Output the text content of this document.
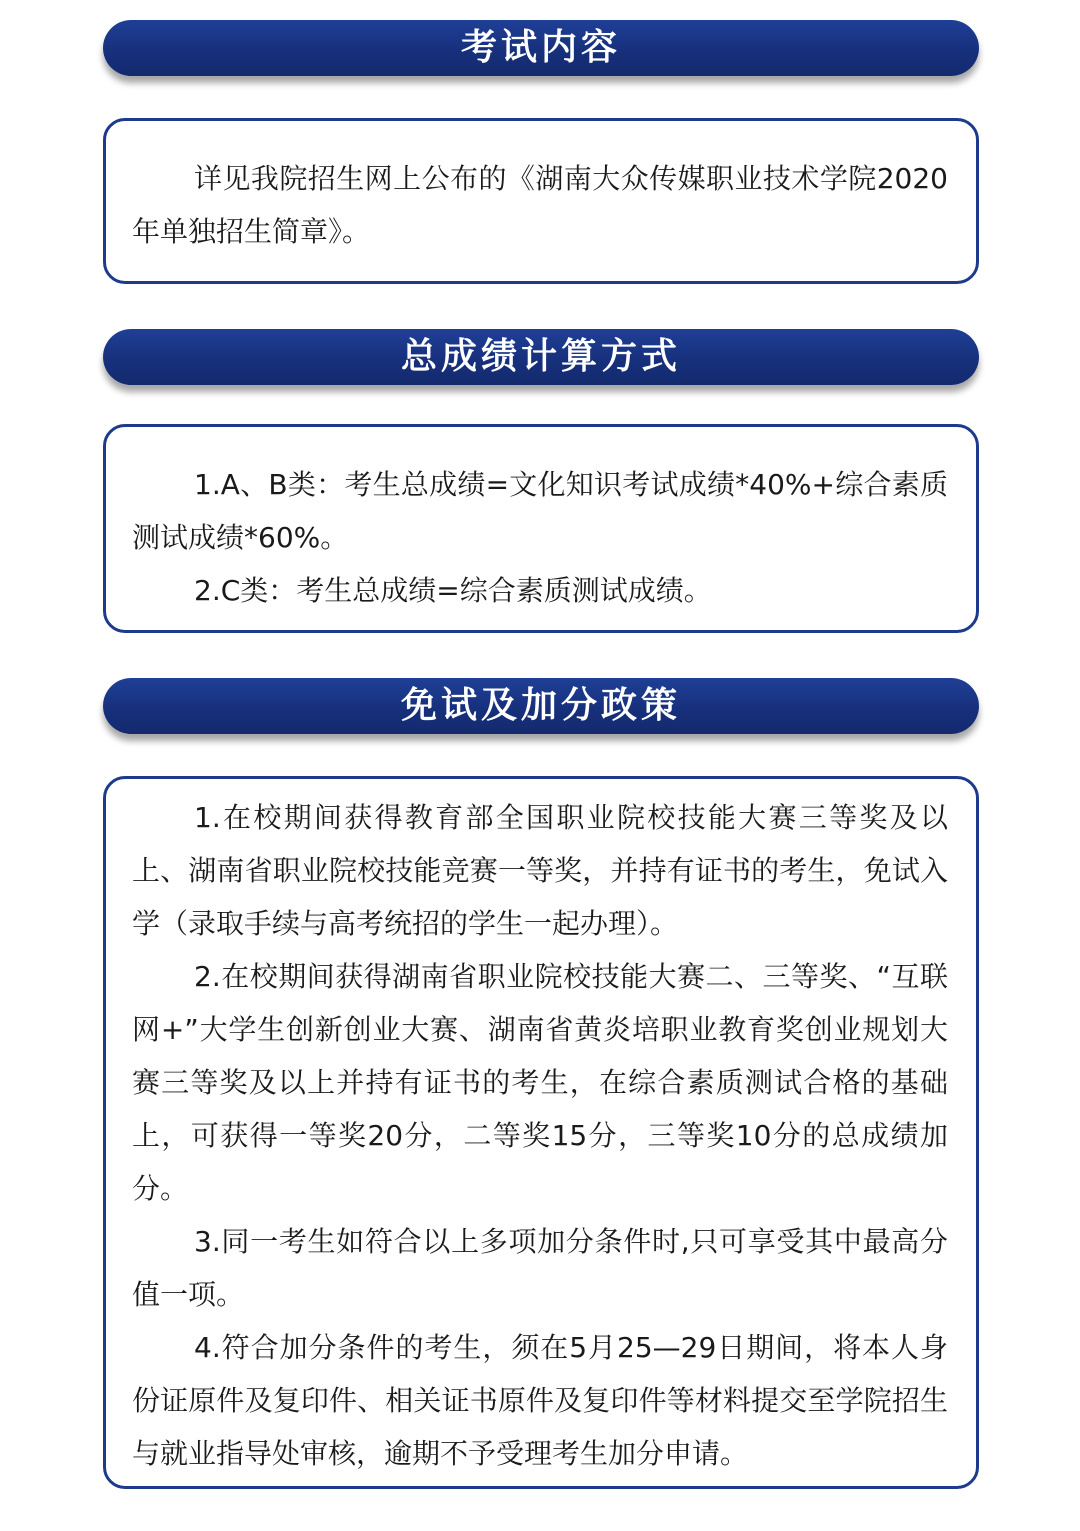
考试内容

详见我院招生网上公布的《湖南大众传媒职业技术学院2020年单独招生简章》。

总成绩计算方式

1.A、B类：考生总成绩=文化知识考试成绩*40%+综合素质测试成绩*60%。

2.C类：考生总成绩=综合素质测试成绩。

免试及加分政策

1.在校期间获得教育部全国职业院校技能大赛三等奖及以上、湖南省职业院校技能竞赛一等奖，并持有证书的考生，免试入学（录取手续与高考统招的学生一起办理）。

2.在校期间获得湖南省职业院校技能大赛二、三等奖、“互联网+”大学生创新创业大赛、湖南省黄炎培职业教育奖创业规划大赛三等奖及以上并持有证书的考生，在综合素质测试合格的基础上，可获得一等奖20分，二等奖15分，三等奖10分的总成绩加分。

3.同一考生如符合以上多项加分条件时,只可享受其中最高分值一项。

4.符合加分条件的考生，须在5月25—29日期间，将本人身份证原件及复印件、相关证书原件及复印件等材料提交至学院招生与就业指导处审核，逾期不予受理考生加分申请。
